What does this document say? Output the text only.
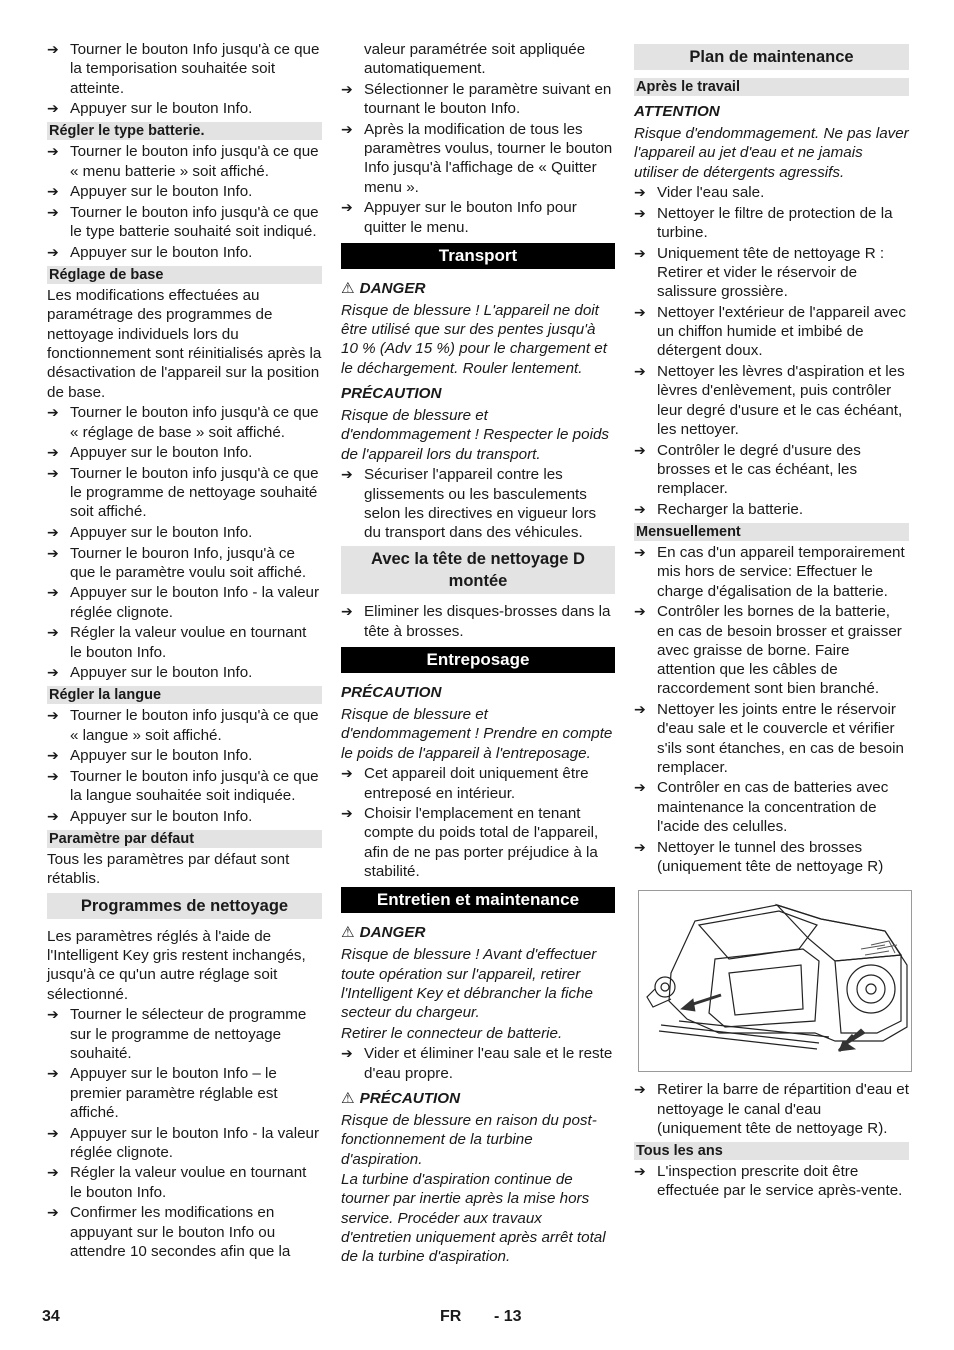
➔ Tourner le bouton Info jusqu'à ce que la temporisation souhaitée soit atteinte.
➔ Appuyer sur le bouton Info.
Régler le type batterie.
➔ Tourner le bouton info jusqu'à ce que « menu batterie » soit affiché.
➔ Appuyer sur le bouton Info.
➔ Tourner le bouton info jusqu'à ce que le type batterie souhaité soit indiqué.
➔ Appuyer sur le bouton Info.
Réglage de base
Les modifications effectuées au paramétrage des programmes de nettoyage individuels lors du fonctionnement sont réinitialisés après la désactivation de l'appareil sur la position de base.
➔ Tourner le bouton info jusqu'à ce que « réglage de base » soit affiché.
➔ Appuyer sur le bouton Info.
➔ Tourner le bouton info jusqu'à ce que le programme de nettoyage souhaité soit affiché.
➔ Appuyer sur le bouton Info.
➔ Tourner le bouron Info, jusqu'à ce que le paramètre voulu soit affiché.
➔ Appuyer sur le bouton Info - la valeur réglée clignote.
➔ Régler la valeur voulue en tournant le bouton Info.
➔ Appuyer sur le bouton Info.
Régler la langue
➔ Tourner le bouton info jusqu'à ce que « langue » soit affiché.
➔ Appuyer sur le bouton Info.
➔ Tourner le bouton info jusqu'à ce que la langue souhaitée soit indiquée.
➔ Appuyer sur le bouton Info.
Paramètre par défaut
Tous les paramètres par défaut sont rétablis.
Programmes de nettoyage
Les paramètres réglés à l'aide de l'Intelligent Key gris restent inchangés, jusqu'à ce qu'un autre réglage soit sélectionné.
➔ Tourner le sélecteur de programme sur le programme de nettoyage souhaité.
➔ Appuyer sur le bouton Info – le premier paramètre réglable est affiché.
➔ Appuyer sur le bouton Info - la valeur réglée clignote.
➔ Régler la valeur voulue en tournant le bouton Info.
➔ Confirmer les modifications en appuyant sur le bouton Info ou attendre 10 secondes afin que la
valeur paramétrée soit appliquée automatiquement.
➔ Sélectionner le paramètre suivant en tournant le bouton Info.
➔ Après la modification de tous les paramètres voulus, tourner le bouton Info jusqu'à l'affichage de « Quitter menu ».
➔ Appuyer sur le bouton Info pour quitter le menu.
Transport
⚠ DANGER
Risque de blessure ! L'appareil ne doit être utilisé que sur des pentes jusqu'à 10 % (Adv 15 %) pour le chargement et le déchargement. Rouler lentement.
PRÉCAUTION
Risque de blessure et d'endommagement ! Respecter le poids de l'appareil lors du transport.
➔ Sécuriser l'appareil contre les glissements ou les basculements selon les directives en vigueur lors du transport dans des véhicules.
Avec la tête de nettoyage D montée
➔ Eliminer les disques-brosses dans la tête à brosses.
Entreposage
PRÉCAUTION
Risque de blessure et d'endommagement ! Prendre en compte le poids de l'appareil à l'entreposage.
➔ Cet appareil doit uniquement être entreposé en intérieur.
➔ Choisir l'emplacement en tenant compte du poids total de l'appareil, afin de ne pas porter préjudice à la stabilité.
Entretien et maintenance
⚠ DANGER
Risque de blessure ! Avant d'effectuer toute opération sur l'appareil, retirer l'Intelligent Key et débrancher la fiche secteur du chargeur.
Retirer le connecteur de batterie.
➔ Vider et éliminer l'eau sale et le reste d'eau propre.
⚠ PRÉCAUTION
Risque de blessure en raison du post-fonctionnement de la turbine d'aspiration.
La turbine d'aspiration continue de tourner par inertie après la mise hors service. Procéder aux travaux d'entretien uniquement après arrêt total de la turbine d'aspiration.
Plan de maintenance
Après le travail
ATTENTION
Risque d'endommagement. Ne pas laver l'appareil au jet d'eau et ne jamais utiliser de détergents agressifs.
➔ Vider l'eau sale.
➔ Nettoyer le filtre de protection de la turbine.
➔ Uniquement tête de nettoyage R : Retirer et vider le réservoir de salissure grossière.
➔ Nettoyer l'extérieur de l'appareil avec un chiffon humide et imbibé de détergent doux.
➔ Nettoyer les lèvres d'aspiration et les lèvres d'enlèvement, puis contrôler leur degré d'usure et le cas échéant, les nettoyer.
➔ Contrôler le degré d'usure des brosses et le cas échéant, les remplacer.
➔ Recharger la batterie.
Mensuellement
➔ En cas d'un appareil temporairement mis hors de service: Effectuer le charge d'égalisation de la batterie.
➔ Contrôler les bornes de la batterie, en cas de besoin brosser et graisser avec graisse de borne. Faire attention que les câbles de raccordement sont bien branché.
➔ Nettoyer les joints entre le réservoir d'eau sale et le couvercle et vérifier s'ils sont étanches, en cas de besoin remplacer.
➔ Contrôler en cas de batteries avec maintenance la concentration de l'acide des celulles.
➔ Nettoyer le tunnel des brosses (uniquement tête de nettoyage R)
➔ Retirer la barre de répartition d'eau et nettoyage le canal d'eau (uniquement tête de nettoyage R).
Tous les ans
➔ L'inspection prescrite doit être effectuée par le service après-vente.
34	FR - 13
